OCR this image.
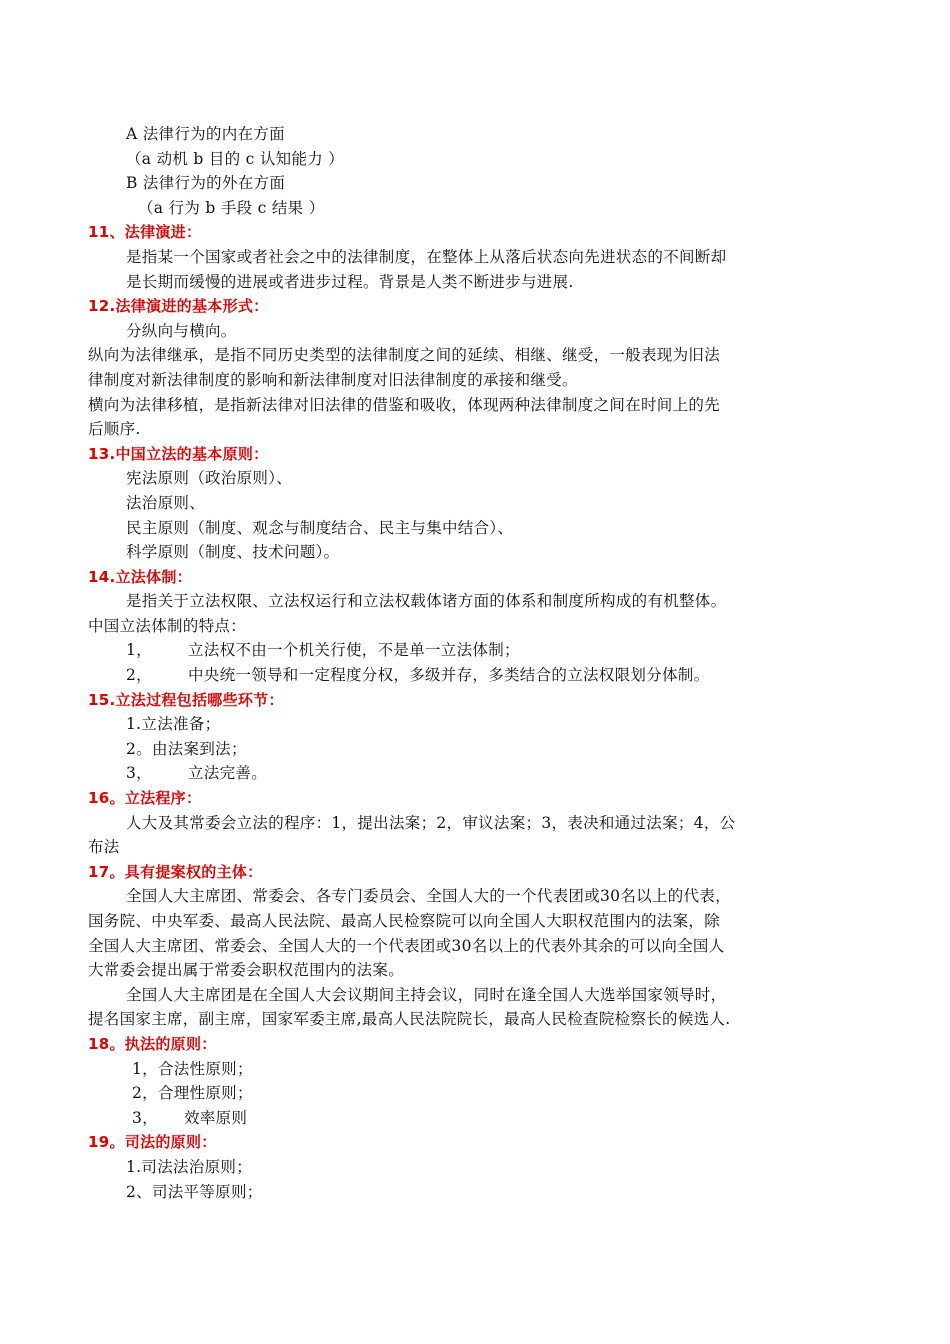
A 法律行为的内在方面
（a 动机 b 目的 c 认知能力 ）
B 法律行为的外在方面
（a 行为 b 手段 c 结果 ）
11、法律演进：
是指某一个国家或者社会之中的法律制度，在整体上从落后状态向先进状态的不间断却
是长期而缓慢的进展或者进步过程。背景是人类不断进步与进展.
12.法律演进的基本形式：
分纵向与横向。
纵向为法律继承，是指不同历史类型的法律制度之间的延续、相继、继受，一般表现为旧法
律制度对新法律制度的影响和新法律制度对旧法律制度的承接和继受。
横向为法律移植，是指新法律对旧法律的借鉴和吸收，体现两种法律制度之间在时间上的先
后顺序.
13.中国立法的基本原则：
宪法原则（政治原则）、
法治原则、
民主原则（制度、观念与制度结合、民主与集中结合）、
科学原则（制度、技术问题）。
14.立法体制：
是指关于立法权限、立法权运行和立法权载体诸方面的体系和制度所构成的有机整体。
中国立法体制的特点：
1， 立法权不由一个机关行使，不是单一立法体制；
2， 中央统一领导和一定程度分权，多级并存，多类结合的立法权限划分体制。
15.立法过程包括哪些环节：
1.立法准备；
2。由法案到法；
3， 立法完善。
16。立法程序：
人大及其常委会立法的程序：1，提出法案；2，审议法案；3，表决和通过法案；4，公
布法
17。具有提案权的主体：
全国人大主席团、常委会、各专门委员会、全国人大的一个代表团或30名以上的代表，
国务院、中央军委、最高人民法院、最高人民检察院可以向全国人大职权范围内的法案，除
全国人大主席团、常委会、全国人大的一个代表团或30名以上的代表外其余的可以向全国人
大常委会提出属于常委会职权范围内的法案。
全国人大主席团是在全国人大会议期间主持会议，同时在逢全国人大选举国家领导时，
提名国家主席，副主席，国家军委主席,最高人民法院院长，最高人民检查院检察长的候选人.
18。执法的原则：
1，合法性原则；
2，合理性原则；
3， 效率原则
19。司法的原则：
1.司法法治原则；
2、司法平等原则；
